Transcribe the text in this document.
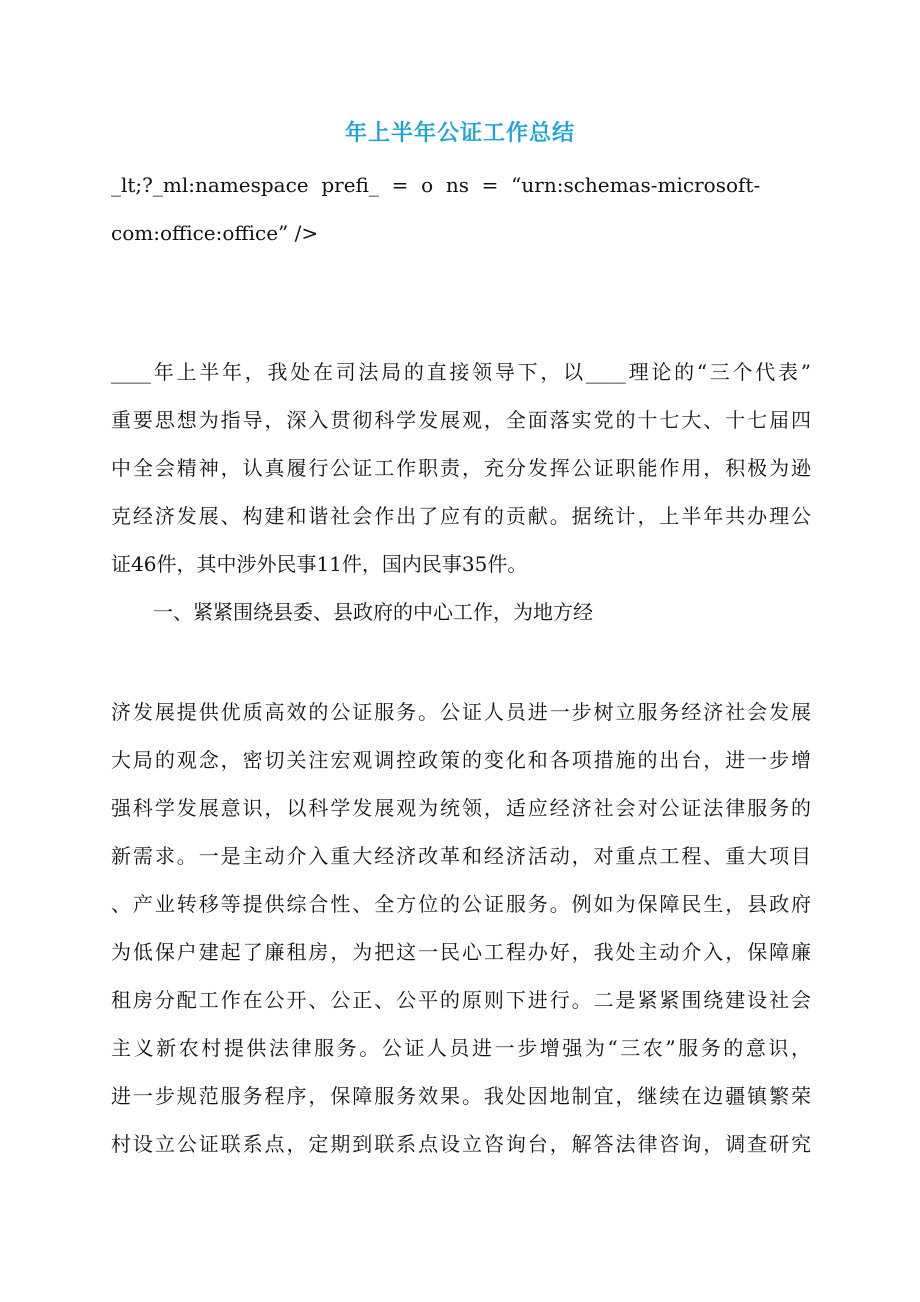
年上半年公证工作总结

_lt;?_ml:namespace  prefi_  =  o  ns  =  “urn:schemas-microsoft-

com:office:office” />

____年上半年，我处在司法局的直接领导下，以____理论的“三个代表”
重要思想为指导，深入贯彻科学发展观，全面落实党的十七大、十七届四
中全会精神，认真履行公证工作职责，充分发挥公证职能作用，积极为逊
克经济发展、构建和谐社会作出了应有的贡献。据统计，上半年共办理公
证46件，其中涉外民事11件，国内民事35件。
一、紧紧围绕县委、县政府的中心工作，为地方经
济发展提供优质高效的公证服务。公证人员进一步树立服务经济社会发展
大局的观念，密切关注宏观调控政策的变化和各项措施的出台，进一步增
强科学发展意识，以科学发展观为统领，适应经济社会对公证法律服务的
新需求。一是主动介入重大经济改革和经济活动，对重点工程、重大项目
、产业转移等提供综合性、全方位的公证服务。例如为保障民生，县政府
为低保户建起了廉租房，为把这一民心工程办好，我处主动介入，保障廉
租房分配工作在公开、公正、公平的原则下进行。二是紧紧围绕建设社会
主义新农村提供法律服务。公证人员进一步增强为“三农”服务的意识，
进一步规范服务程序，保障服务效果。我处因地制宜，继续在边疆镇繁荣
村设立公证联系点，定期到联系点设立咨询台，解答法律咨询，调查研究
